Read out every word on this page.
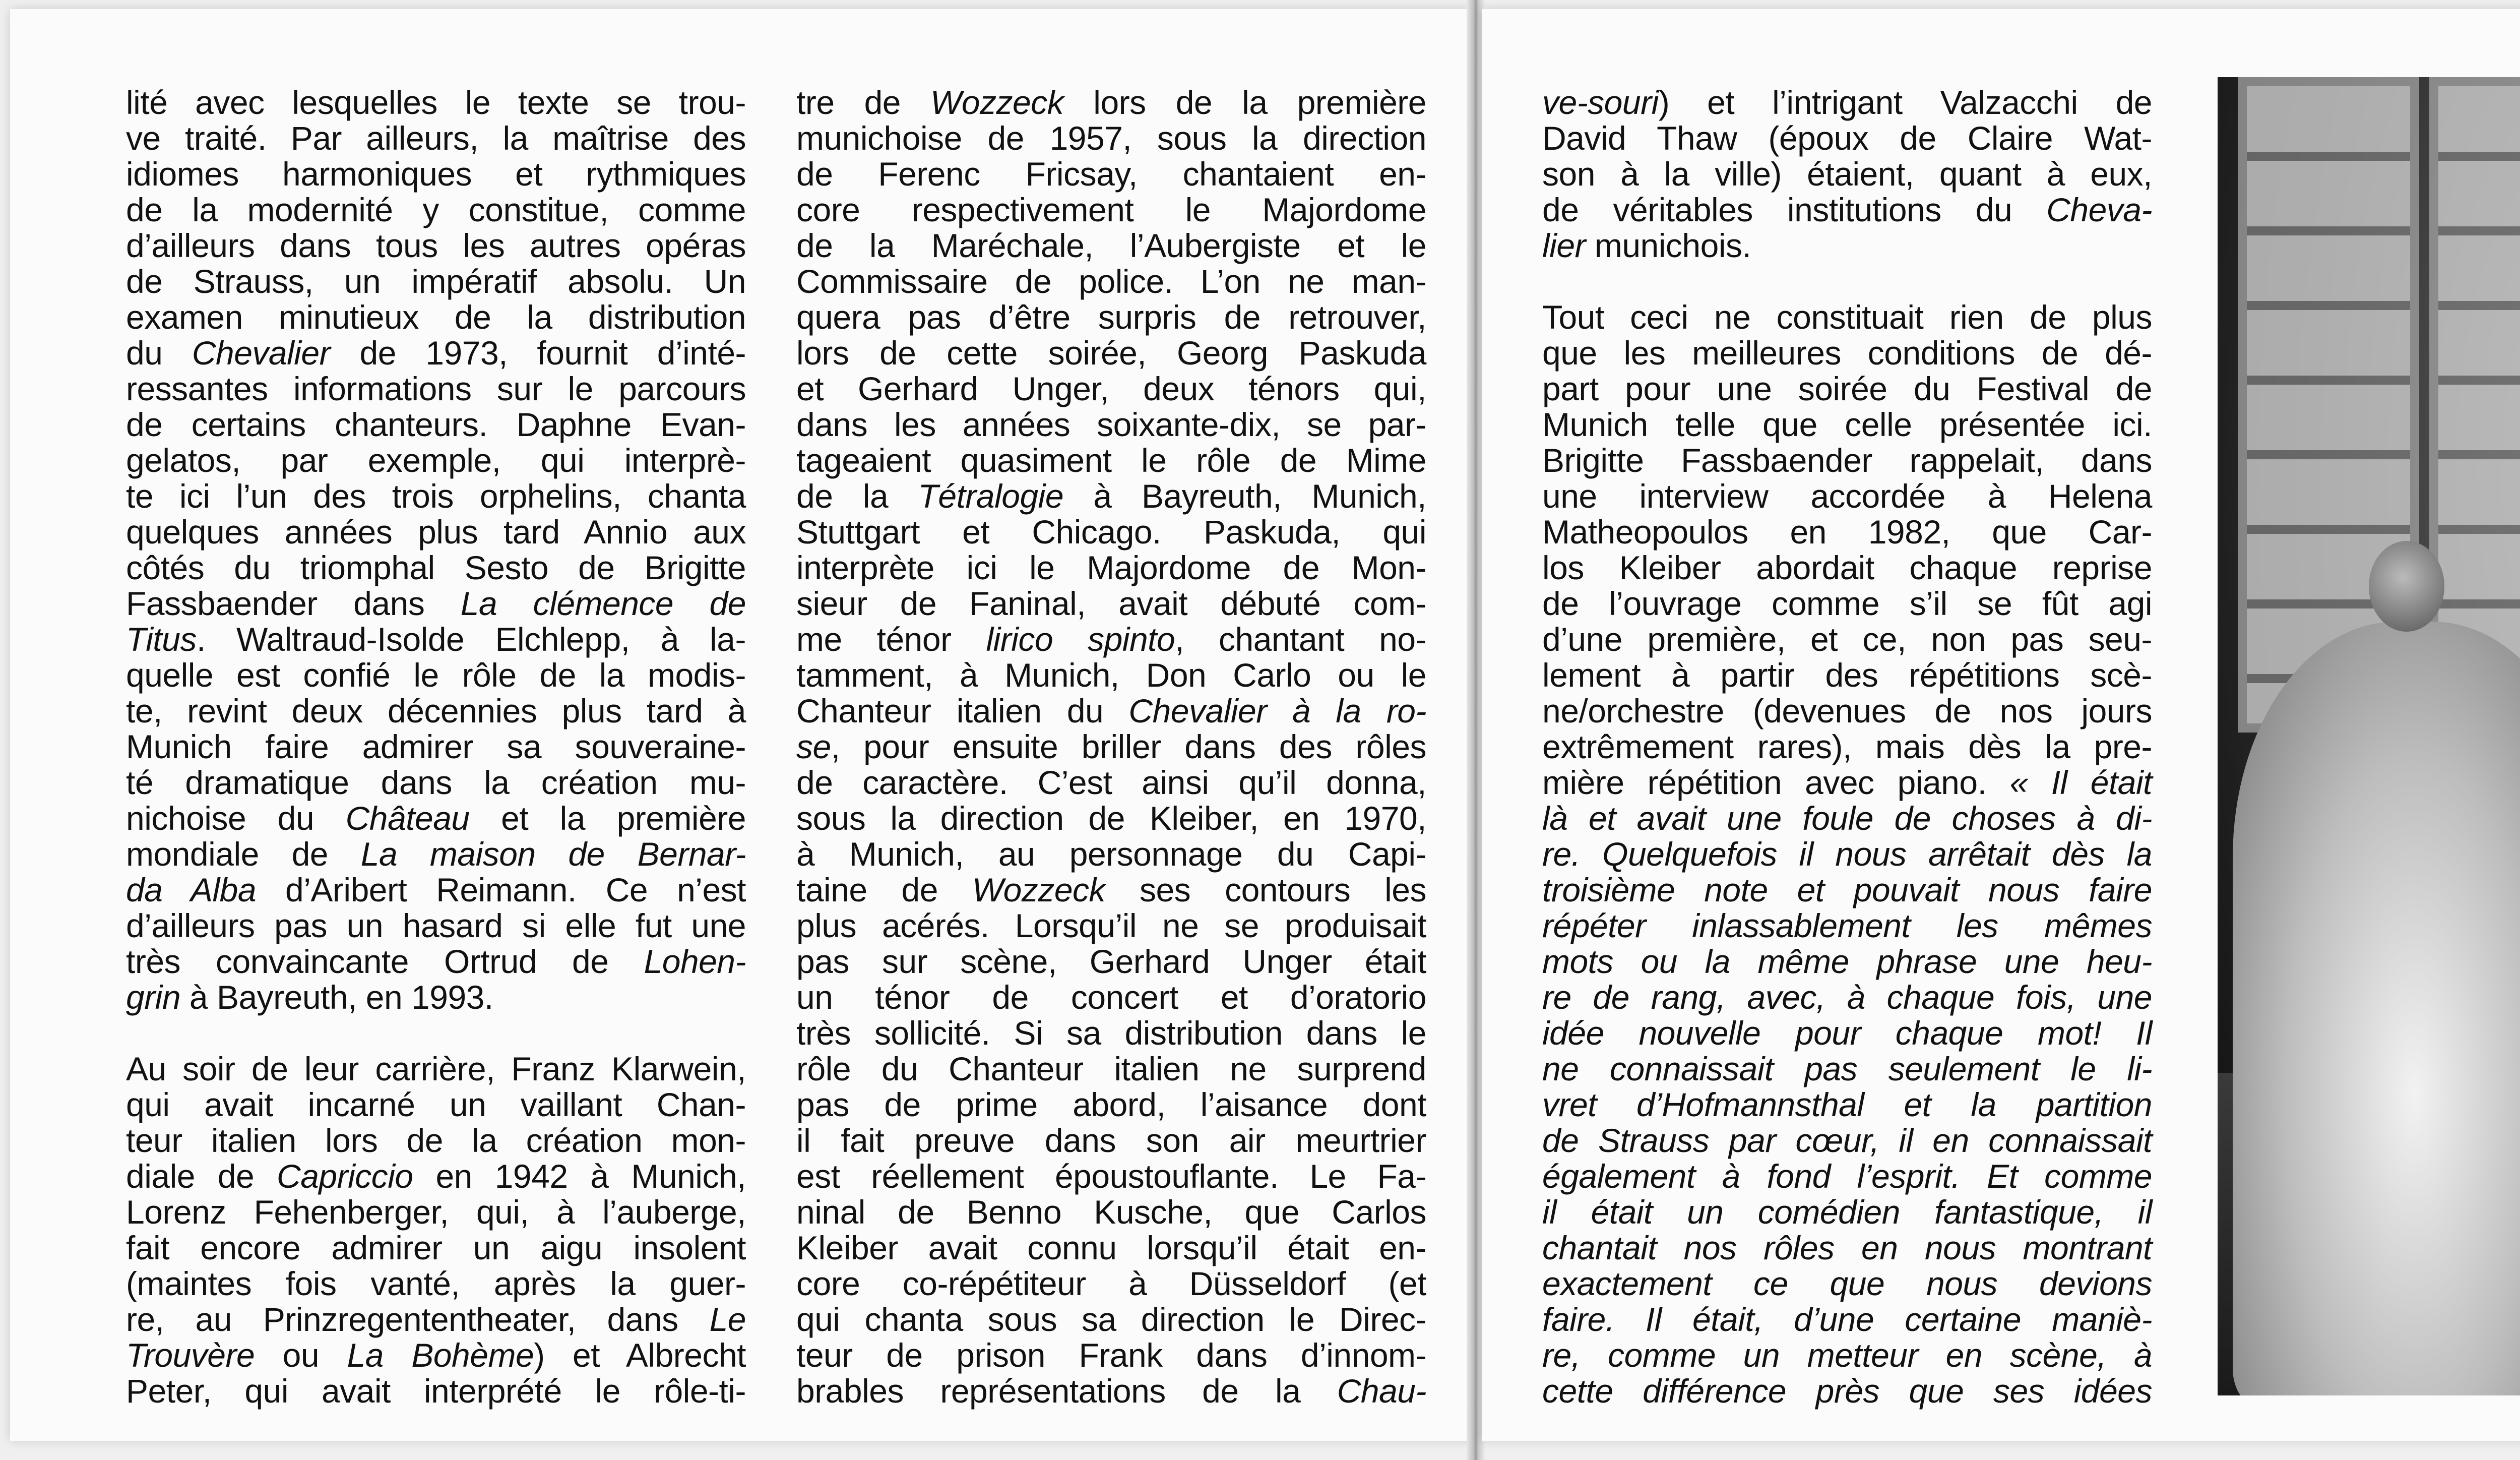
lité avec lesquelles le texte se trou-
ve traité. Par ailleurs, la maîtrise des
idiomes harmoniques et rythmiques
de la modernité y constitue, comme
d’ailleurs dans tous les autres opéras
de Strauss, un impératif absolu. Un
examen minutieux de la distribution
du Chevalier de 1973, fournit d’inté-
ressantes informations sur le parcours
de certains chanteurs. Daphne Evan-
gelatos, par exemple, qui interprè-
te ici l’un des trois orphelins, chanta
quelques années plus tard Annio aux
côtés du triomphal Sesto de Brigitte
Fassbaender dans La clémence de
Titus. Waltraud-Isolde Elchlepp, à la-
quelle est confié le rôle de la modis-
te, revint deux décennies plus tard à
Munich faire admirer sa souveraine-
té dramatique dans la création mu-
nichoise du Château et la première
mondiale de La maison de Bernar-
da Alba d’Aribert Reimann. Ce n’est
d’ailleurs pas un hasard si elle fut une
très convaincante Ortrud de Lohen-
grin à Bayreuth, en 1993.

Au soir de leur carrière, Franz Klarwein,
qui avait incarné un vaillant Chan-
teur italien lors de la création mon-
diale de Capriccio en 1942 à Munich,
Lorenz Fehenberger, qui, à l’auberge,
fait encore admirer un aigu insolent
(maintes fois vanté, après la guer-
re, au Prinzregententheater, dans Le
Trouvère ou La Bohème) et Albrecht
Peter, qui avait interprété le rôle-ti-

tre de Wozzeck lors de la première
munichoise de 1957, sous la direction
de Ferenc Fricsay, chantaient en-
core respectivement le Majordome
de la Maréchale, l’Aubergiste et le
Commissaire de police. L’on ne man-
quera pas d’être surpris de retrouver,
lors de cette soirée, Georg Paskuda
et Gerhard Unger, deux ténors qui,
dans les années soixante-dix, se par-
tageaient quasiment le rôle de Mime
de la Tétralogie à Bayreuth, Munich,
Stuttgart et Chicago. Paskuda, qui
interprète ici le Majordome de Mon-
sieur de Faninal, avait débuté com-
me ténor lirico spinto, chantant no-
tamment, à Munich, Don Carlo ou le
Chanteur italien du Chevalier à la ro-
se, pour ensuite briller dans des rôles
de caractère. C’est ainsi qu’il donna,
sous la direction de Kleiber, en 1970,
à Munich, au personnage du Capi-
taine de Wozzeck ses contours les
plus acérés. Lorsqu’il ne se produisait
pas sur scène, Gerhard Unger était
un ténor de concert et d’oratorio
très sollicité. Si sa distribution dans le
rôle du Chanteur italien ne surprend
pas de prime abord, l’aisance dont
il fait preuve dans son air meurtrier
est réellement époustouflante. Le Fa-
ninal de Benno Kusche, que Carlos
Kleiber avait connu lorsqu’il était en-
core co-répétiteur à Düsseldorf (et
qui chanta sous sa direction le Direc-
teur de prison Frank dans d’innom-
brables représentations de la Chau-

ve-souri) et l’intrigant Valzacchi de
David Thaw (époux de Claire Wat-
son à la ville) étaient, quant à eux,
de véritables institutions du Cheva-
lier munichois.

Tout ceci ne constituait rien de plus
que les meilleures conditions de dé-
part pour une soirée du Festival de
Munich telle que celle présentée ici.
Brigitte Fassbaender rappelait, dans
une interview accordée à Helena
Matheopoulos en 1982, que Car-
los Kleiber abordait chaque reprise
de l’ouvrage comme s’il se fût agi
d’une première, et ce, non pas seu-
lement à partir des répétitions scè-
ne/orchestre (devenues de nos jours
extrêmement rares), mais dès la pre-
mière répétition avec piano. « Il était
là et avait une foule de choses à di-
re. Quelquefois il nous arrêtait dès la
troisième note et pouvait nous faire
répéter inlassablement les mêmes
mots ou la même phrase une heu-
re de rang, avec, à chaque fois, une
idée nouvelle pour chaque mot! Il
ne connaissait pas seulement le li-
vret d’Hofmannsthal et la partition
de Strauss par cœur, il en connaissait
également à fond l’esprit. Et comme
il était un comédien fantastique, il
chantait nos rôles en nous montrant
exactement ce que nous devions
faire. Il était, d’une certaine maniè-
re, comme un metteur en scène, à
cette différence près que ses idées
